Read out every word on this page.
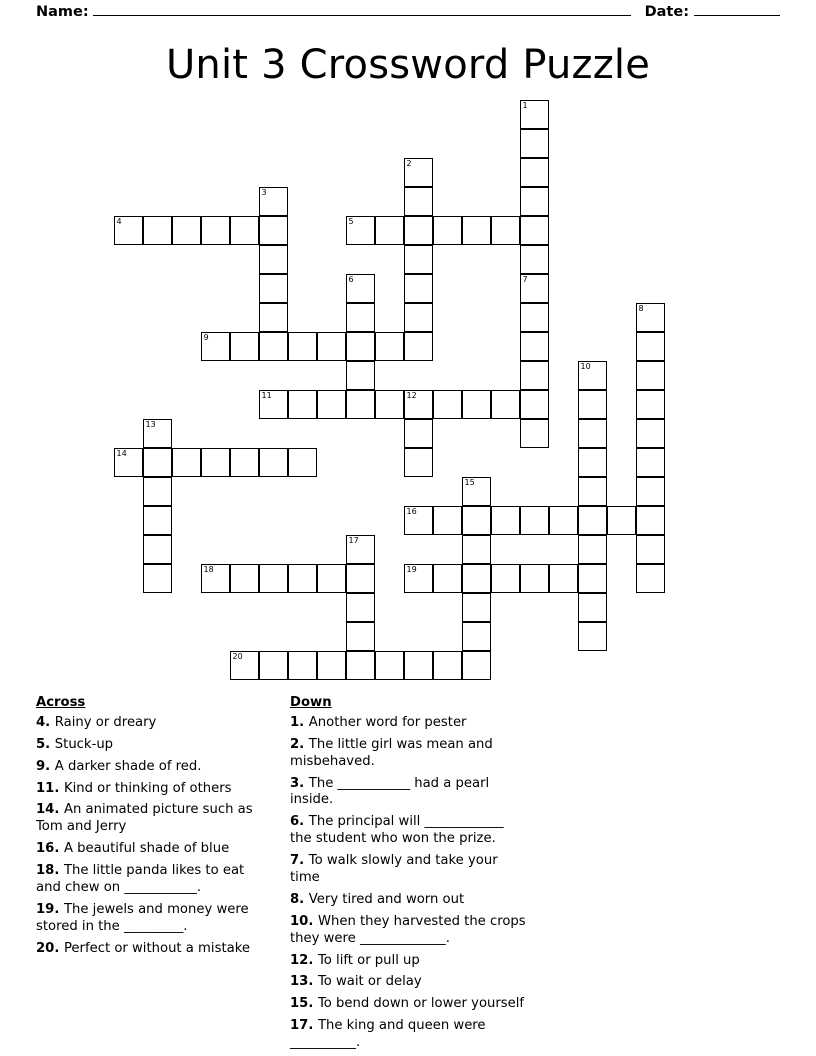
Name:	Date:
Unit 3 Crossword Puzzle
1
2
3
4	5
6	7
8
9
10
11	12
13
14
15
16
17
18	19
20
Across
4. Rainy or dreary
5. Stuck-up
9. A darker shade of red.
11. Kind or thinking of others
14. An animated picture such as Tom and Jerry
16. A beautiful shade of blue
18. The little panda likes to eat and chew on ___________.
19. The jewels and money were stored in the _________.
20. Perfect or without a mistake
Down
1. Another word for pester
2. The little girl was mean and misbehaved.
3. The ___________ had a pearl inside.
6. The principal will ____________ the student who won the prize.
7. To walk slowly and take your time
8. Very tired and worn out
10. When they harvested the crops they were _____________.
12. To lift or pull up
13. To wait or delay
15. To bend down or lower yourself
17. The king and queen were __________.
